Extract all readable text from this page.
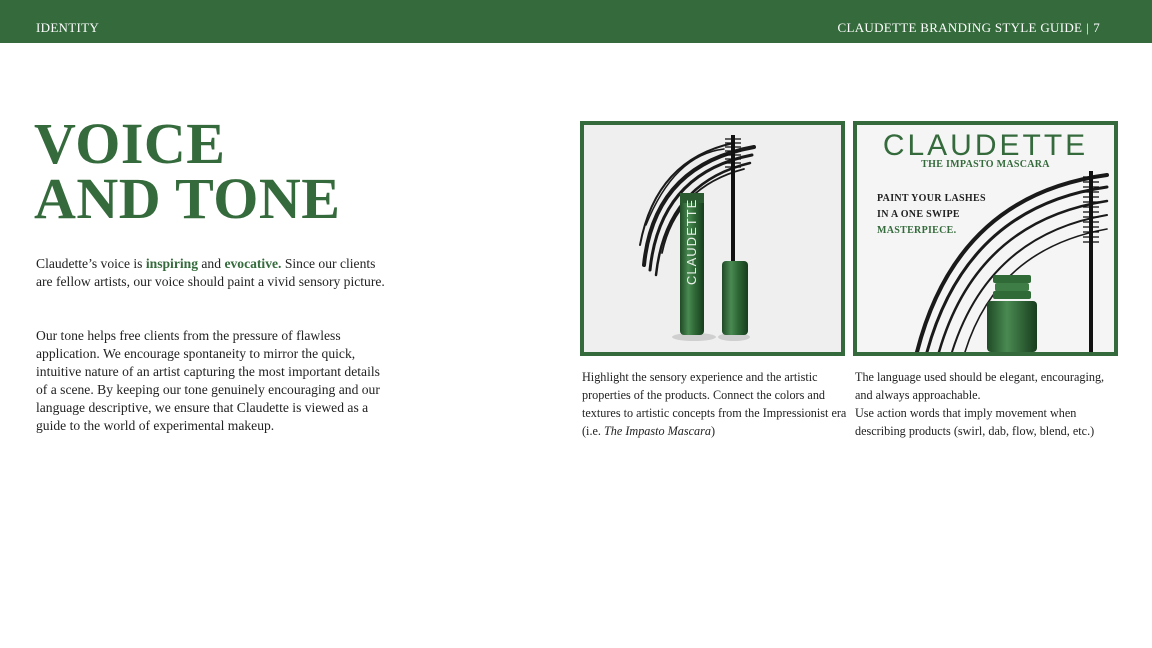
IDENTITY	CLAUDETTE BRANDING STYLE GUIDE | 7
VOICE
AND TONE

Claudette’s voice is inspiring and evocative. Since our clients are fellow artists, our voice should paint a vivid sensory picture.

Our tone helps free clients from the pressure of flawless application. We encourage spontaneity to mirror the quick, intuitive nature of an artist capturing the most important details of a scene. By keeping our tone genuinely encouraging and our language descriptive, we ensure that Claudette is viewed as a guide to the world of experimental makeup.

CLAUDETTE
CLAUDETTE
THE IMPASTO MASCARA
PAINT YOUR LASHES
IN A ONE SWIPE
MASTERPIECE.

Highlight the sensory experience and the artistic properties of the products. Connect the colors and textures to artistic concepts from the Impressionist era (i.e. The Impasto Mascara)

The language used should be elegant, encouraging, and always approachable.
Use action words that imply movement when describing products (swirl, dab, flow, blend, etc.)
